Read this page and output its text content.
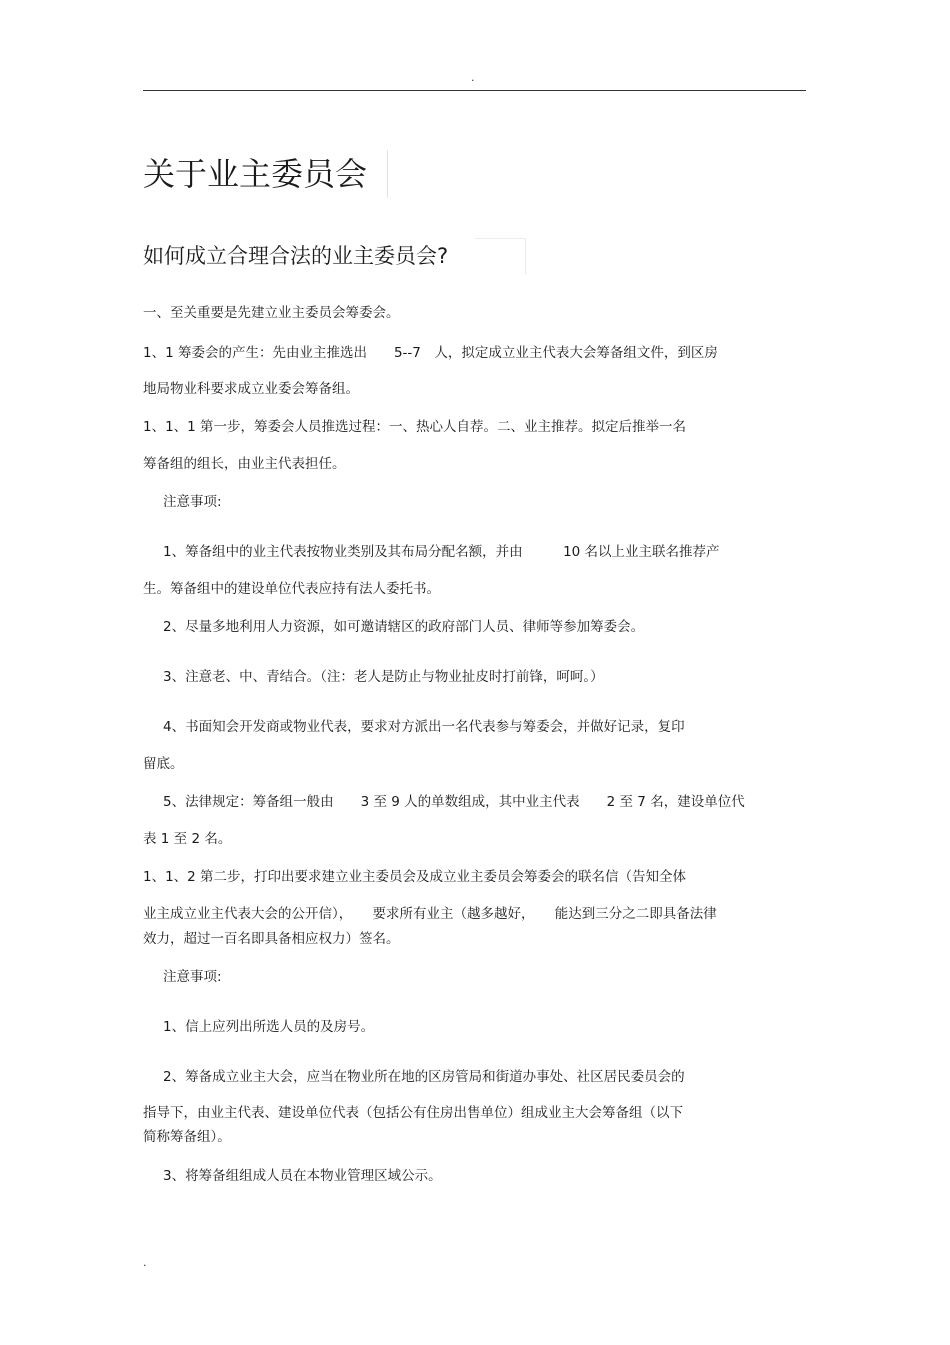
.
关于业主委员会
如何成立合理合法的业主委员会?
一、至关重要是先建立业主委员会筹委会。
1、1 筹委会的产生：先由业主推选出　　5--7　人，拟定成立业主代表大会筹备组文件，到区房
地局物业科要求成立业委会筹备组。
1、1、1 第一步，筹委会人员推选过程：一、热心人自荐。二、业主推荐。拟定后推举一名
筹备组的组长，由业主代表担任。
注意事项:
1、筹备组中的业主代表按物业类别及其布局分配名额，并由　　　10 名以上业主联名推荐产
生。筹备组中的建设单位代表应持有法人委托书。
2、尽量多地利用人力资源，如可邀请辖区的政府部门人员、律师等参加筹委会。
3、注意老、中、青结合。（注：老人是防止与物业扯皮时打前锋，呵呵。）
4、书面知会开发商或物业代表，要求对方派出一名代表参与筹委会，并做好记录，复印
留底。
5、法律规定：筹备组一般由　　3 至 9 人的单数组成，其中业主代表　　2 至 7 名，建设单位代
表 1 至 2 名。
1、1、2 第二步，打印出要求建立业主委员会及成立业主委员会筹委会的联名信（告知全体
业主成立业主代表大会的公开信），　　要求所有业主（越多越好，　　能达到三分之二即具备法律
效力，超过一百名即具备相应权力）签名。
注意事项:
1、信上应列出所选人员的及房号。
2、筹备成立业主大会，应当在物业所在地的区房管局和街道办事处、社区居民委员会的
指导下，由业主代表、建设单位代表（包括公有住房出售单位）组成业主大会筹备组（以下
简称筹备组）。
3、将筹备组组成人员在本物业管理区域公示。
.
